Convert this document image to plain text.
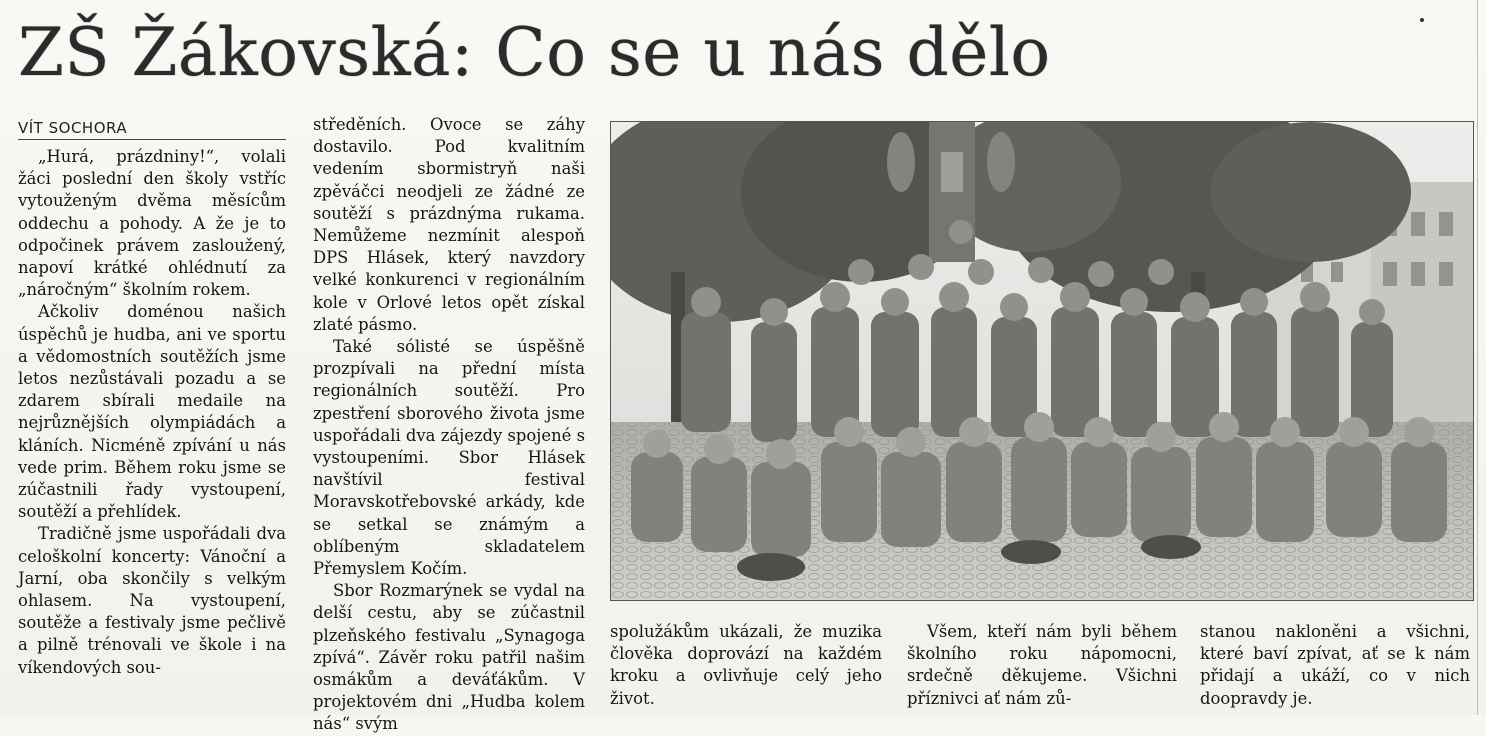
ZŠ Žákovská: Co se u nás dělo
VÍT SOCHORA

„Hurá, prázdniny!“, volali žáci poslední den školy vstříc vytouženým dvěma měsícům oddechu a pohody. A že je to odpočinek právem zasloužený, napoví krátké ohlédnutí za „náročným“ školním rokem.

Ačkoliv doménou našich úspěchů je hudba, ani ve sportu a vědomostních soutěžích jsme letos nezůstávali pozadu a se zdarem sbírali medaile na nejrůznějších olympiádách a kláních. Nicméně zpívání u nás vede prim. Během roku jsme se zúčastnili řady vystoupení, soutěží a přehlídek.

Tradičně jsme uspořádali dva celoškolní koncerty: Vánoční a Jarní, oba skončily s velkým ohlasem. Na vystoupení, soutěže a festivaly jsme pečlivě a pilně trénovali ve škole i na víkendových sou-

středěních. Ovoce se záhy dostavilo. Pod kvalitním vedením sbormistryň naši zpěváčci neodjeli ze žádné ze soutěží s prázdnýma rukama. Nemůžeme nezmínit alespoň DPS Hlásek, který navzdory velké konkurenci v regionálním kole v Orlové letos opět získal zlaté pásmo.

Také sólisté se úspěšně prozpívali na přední místa regionálních soutěží. Pro zpestření sborového života jsme uspořádali dva zájezdy spojené s vystoupeními. Sbor Hlásek navštívil festival Moravskotřebovské arkády, kde se setkal se známým a oblíbeným skladatelem Přemyslem Kočím.

Sbor Rozmarýnek se vydal na delší cestu, aby se zúčastnil plzeňského festivalu „Synagoga zpívá“. Závěr roku patřil našim osmákům a deváťákům. V projektovém dni „Hudba kolem nás“ svým

spolužákům ukázali, že muzika člověka doprovází na každém kroku a ovlivňuje celý jeho život.

Všem, kteří nám byli během školního roku nápomocni, srdečně děkujeme. Všichni příznivci ať nám zů-

stanou nakloněni a všichni, které baví zpívat, ať se k nám přidají a ukáží, co v nich doopravdy je.
